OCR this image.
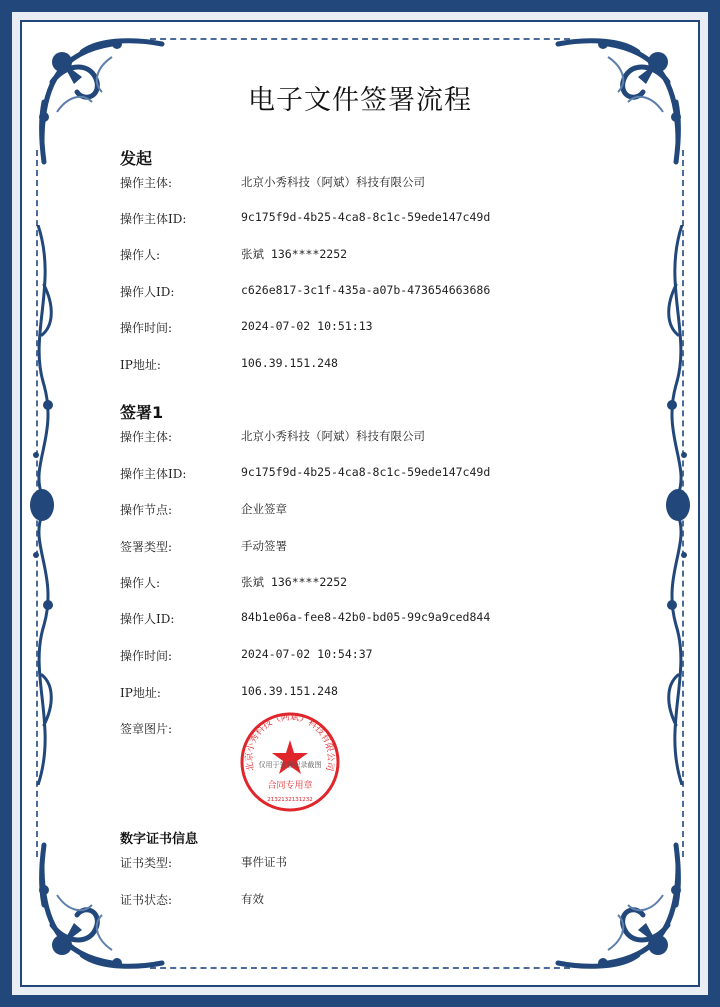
电子文件签署流程
发起
操作主体:	北京小秀科技（阿斌）科技有限公司
操作主体ID:	9c175f9d-4b25-4ca8-8c1c-59ede147c49d
操作人:	张斌 136****2252
操作人ID:	c626e817-3c1f-435a-a07b-473654663686
操作时间:	2024-07-02 10:51:13
IP地址:	106.39.151.248
签署1
操作主体:	北京小秀科技（阿斌）科技有限公司
操作主体ID:	9c175f9d-4b25-4ca8-8c1c-59ede147c49d
操作节点:	企业签章
签署类型:	手动签署
操作人:	张斌 136****2252
操作人ID:	84b1e06a-fee8-42b0-bd05-99c9a9ced844
操作时间:	2024-07-02 10:54:37
IP地址:	106.39.151.248
签章图片:
北京小秀科技（阿斌）科技有限公司
合同专用章
2132132131232
仅用于签署记录截图
数字证书信息
证书类型:	事件证书
证书状态:	有效
